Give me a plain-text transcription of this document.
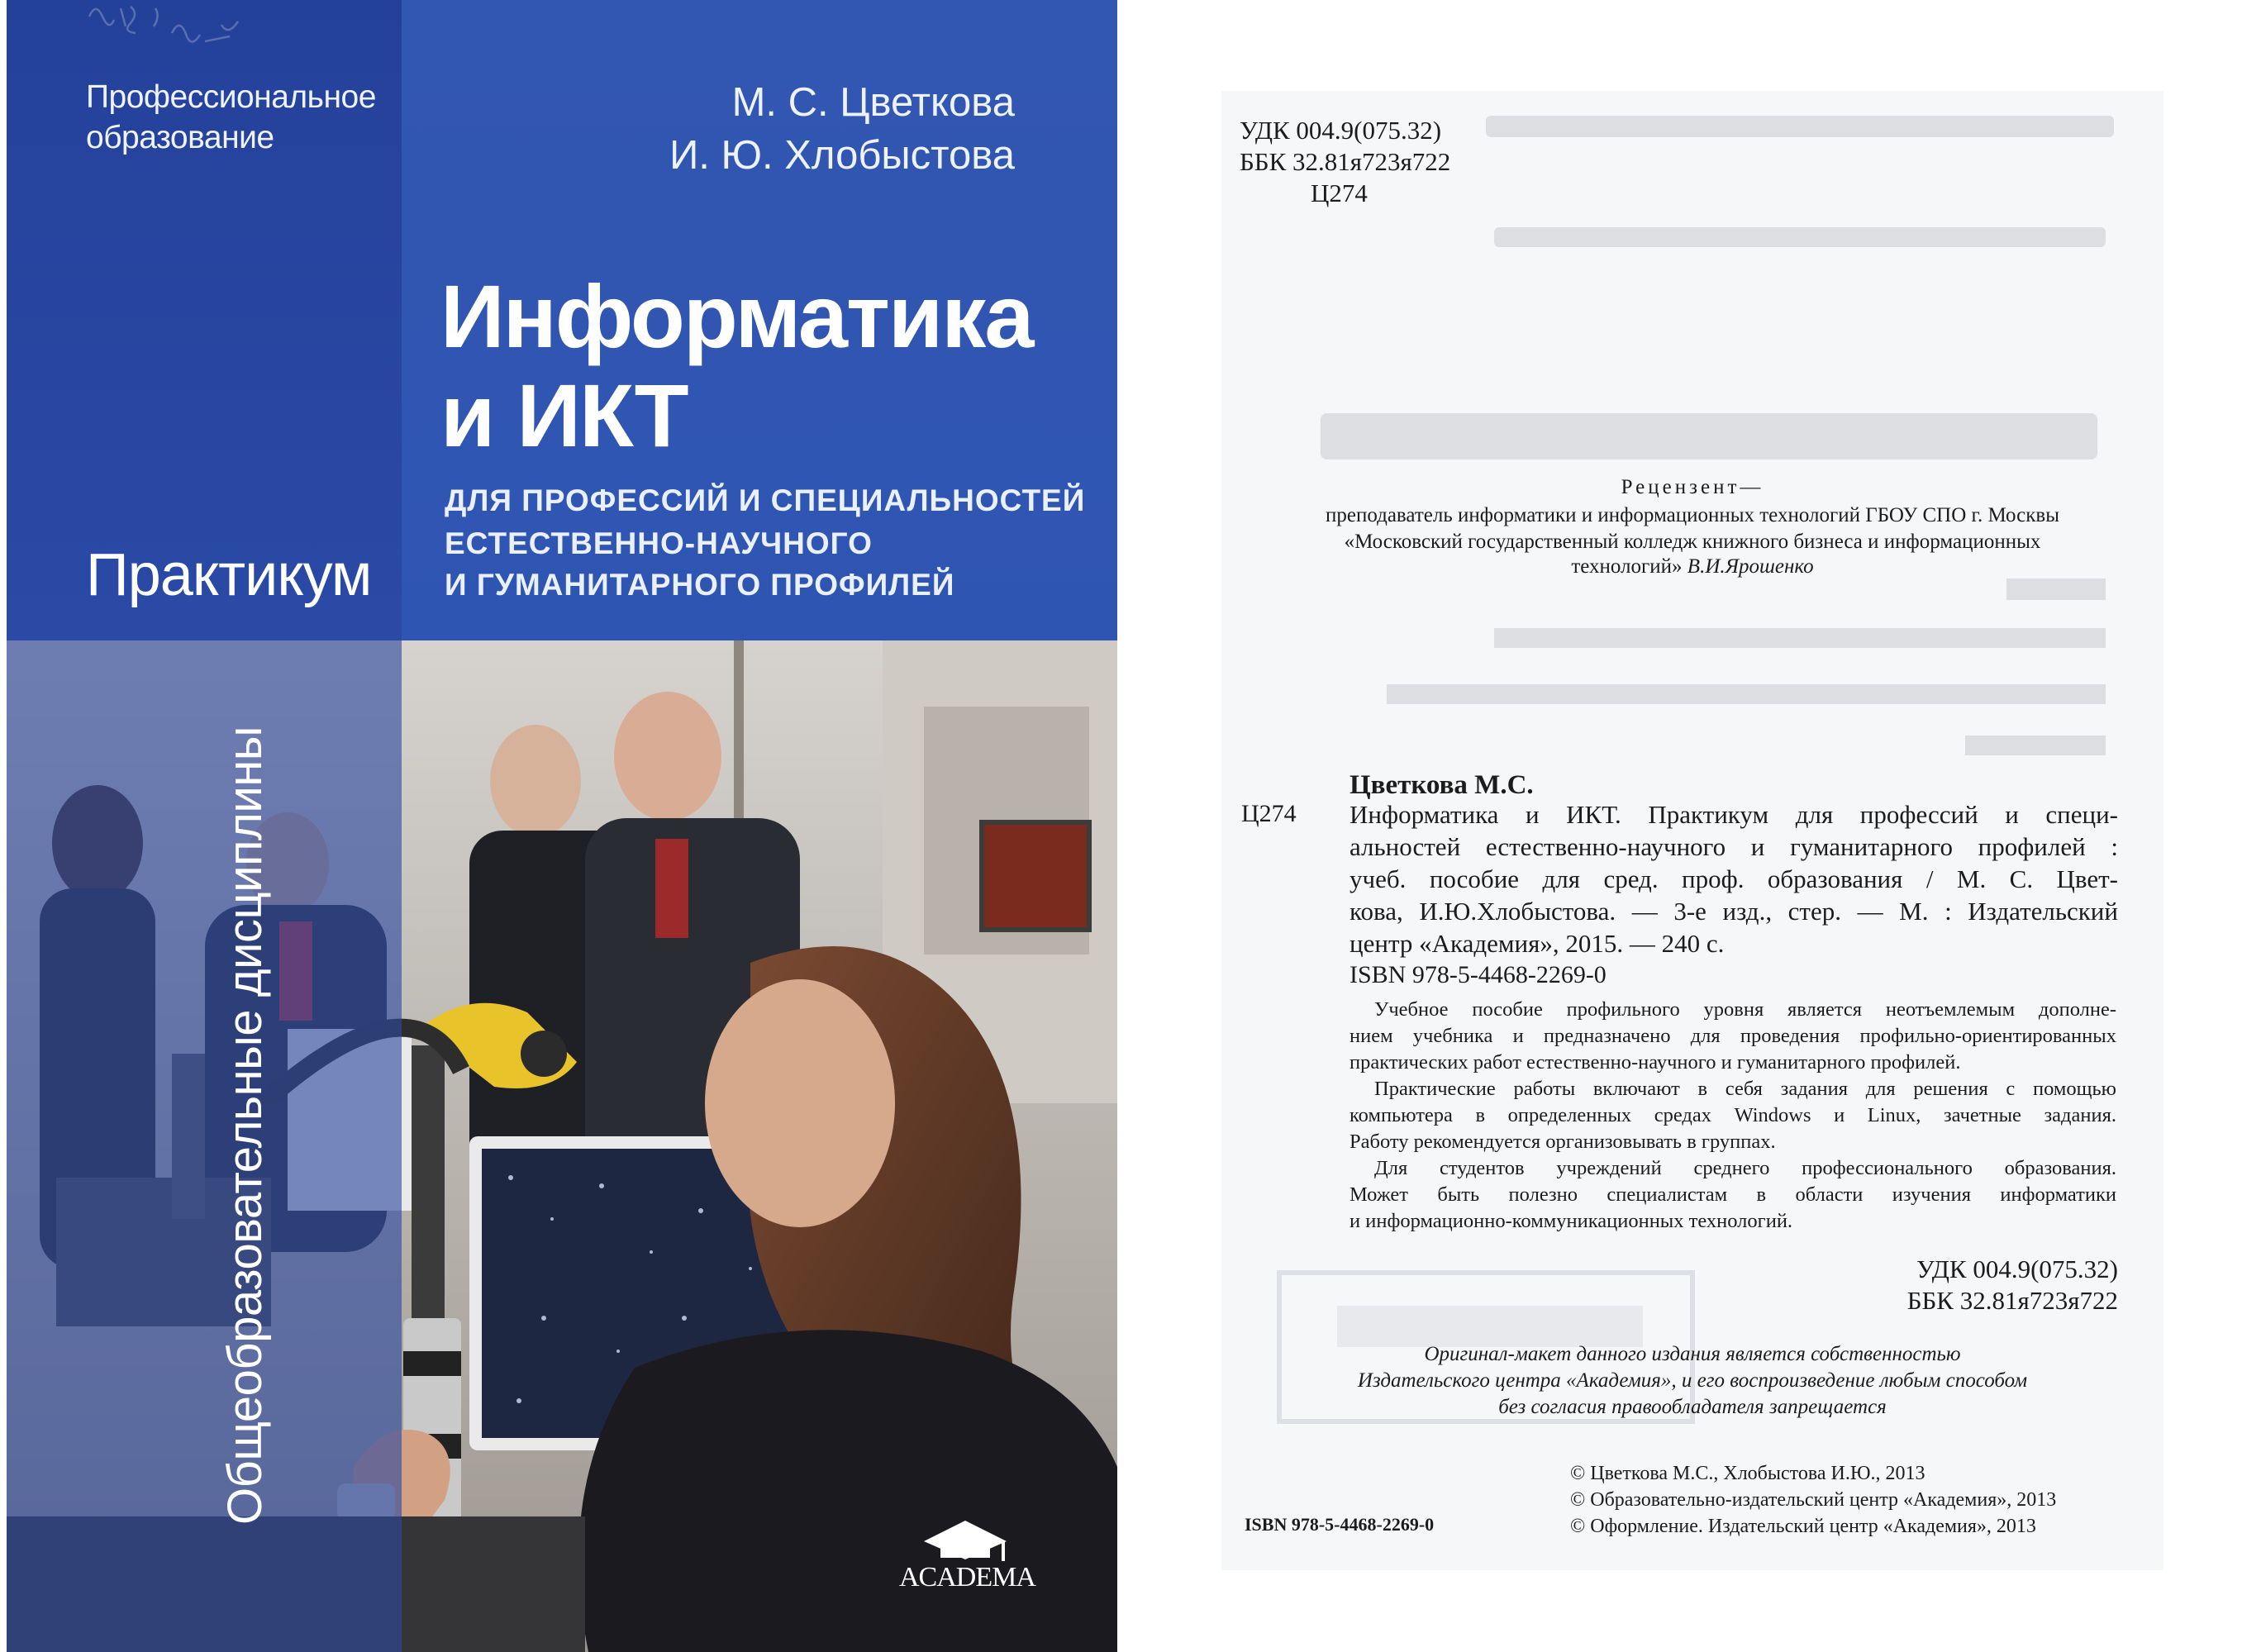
Профессиональное

образование

М. С. Цветкова

И. Ю. Хлобыстова

Информатика

и ИКТ

ДЛЯ ПРОФЕССИЙ И СПЕЦИАЛЬНОСТЕЙ

ЕСТЕСТВЕННО-НАУЧНОГО

И ГУМАНИТАРНОГО ПРОФИЛЕЙ

Практикум

Общеобразовательные дисциплины

ACADEMA

УДК 004.9(075.32)

ББК 32.81я723я722

Ц274

Рецензент—

преподаватель информатики и информационных технологий ГБОУ СПО г. Москвы

«Московский государственный колледж книжного бизнеса и информационных

технологий» В.И.Ярошенко

Цветкова М.С.

Ц274 Информатика и ИКТ. Практикум для профессий и специ-

альностей естественно-научного и гуманитарного профилей :

учеб. пособие для сред. проф. образования / М. С. Цвет-

кова, И.Ю.Хлобыстова. — 3-е изд., стер. — М. : Издательский

центр «Академия», 2015. — 240 с.

ISBN 978-5-4468-2269-0

Учебное пособие профильного уровня является неотъемлемым дополне-

нием учебника и предназначено для проведения профильно-ориентированных

практических работ естественно-научного и гуманитарного профилей.

Практические работы включают в себя задания для решения с помощью

компьютера в определенных средах Windows и Linux, зачетные задания.

Работу рекомендуется организовывать в группах.

Для студентов учреждений среднего профессионального образования.

Может быть полезно специалистам в области изучения информатики

и информационно-коммуникационных технологий.

УДК 004.9(075.32)

ББК 32.81я723я722

Оригинал-макет данного издания является собственностью

Издательского центра «Академия», и его воспроизведение любым способом

без согласия правообладателя запрещается

© Цветкова М.С., Хлобыстова И.Ю., 2013

© Образовательно-издательский центр «Академия», 2013

© Оформление. Издательский центр «Академия», 2013

ISBN 978-5-4468-2269-0
